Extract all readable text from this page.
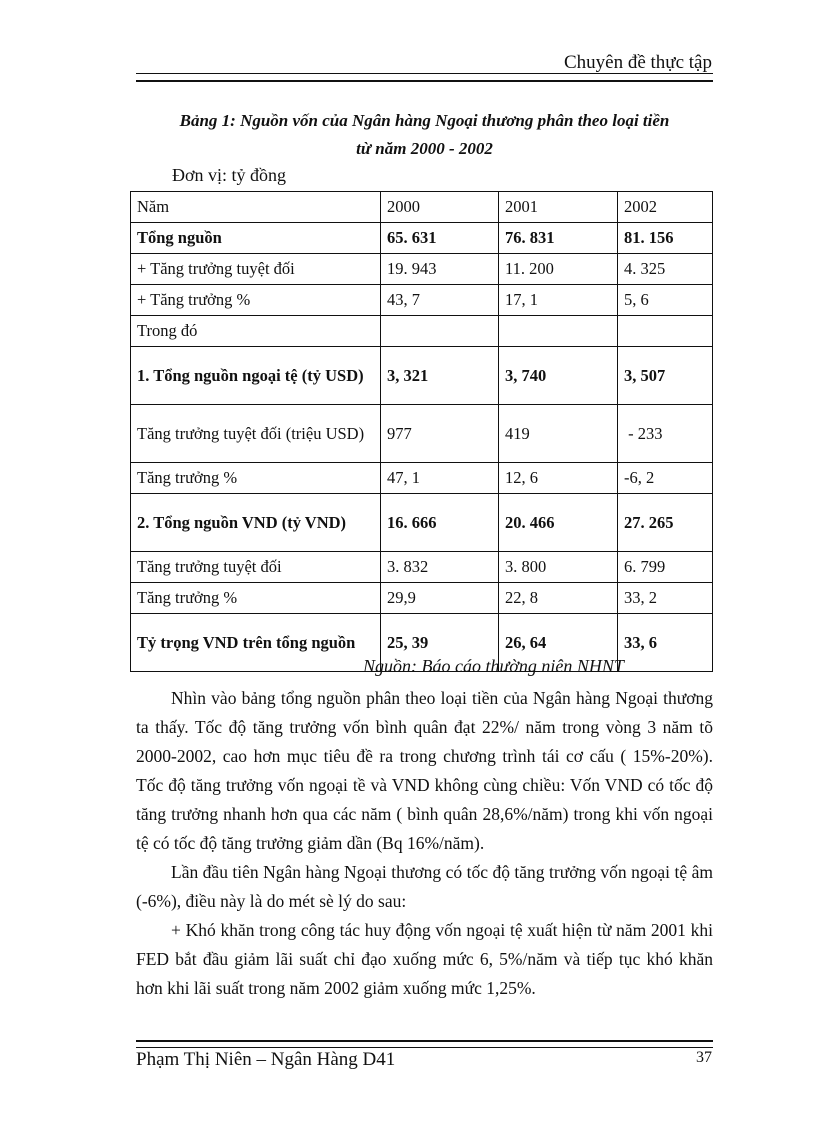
Chuyên đề thực tập
Bảng 1: Nguồn vốn của Ngân hàng Ngoại thương phân theo loại tiền
từ năm 2000 - 2002
Đơn vị: tỷ đồng
Năm	2000	2001	2002
Tổng nguồn	65. 631	76. 831	81. 156
+ Tăng trưởng tuyệt đối	19. 943	11. 200	4. 325
+ Tăng trưởng %	43, 7	17, 1	5, 6
Trong đó			
1. Tổng nguồn ngoại tệ (tỷ USD)	3, 321	3, 740	3, 507
Tăng trưởng tuyệt đối (triệu USD)	977	419	- 233
Tăng trưởng %	47, 1	12, 6	-6, 2
2. Tổng nguồn VND (tỷ VND)	16. 666	20. 466	27. 265
Tăng trưởng tuyệt đối	3. 832	3. 800	6. 799
Tăng trưởng %	29,9	22, 8	33, 2
Tỷ trọng VND trên tổng nguồn	25, 39	26, 64	33, 6
Nguồn: Báo cáo thường niên NHNT

Nhìn vào bảng tổng nguồn phân theo loại tiền của Ngân hàng Ngoại thương ta thấy. Tốc độ tăng trưởng vốn bình quân đạt 22%/ năm trong vòng 3 năm tõ 2000-2002, cao hơn mục tiêu đề ra trong chương trình tái cơ cấu ( 15%-20%). Tốc độ tăng trưởng vốn ngoại tề và VND không cùng chiều: Vốn VND có tốc độ tăng trưởng nhanh hơn qua các năm ( bình quân 28,6%/năm) trong khi vốn ngoại tệ có tốc độ tăng trưởng giảm dần (Bq 16%/năm).

Lần đầu tiên Ngân hàng Ngoại thương có tốc độ tăng trưởng vốn ngoại tệ âm (-6%), điều này là do mét sè lý do sau:

+ Khó khăn trong công tác huy động vốn ngoại tệ xuất hiện từ năm 2001 khi FED bắt đầu giảm lãi suất chỉ đạo xuống mức 6, 5%/năm và tiếp tục khó khăn hơn khi lãi suất trong năm 2002 giảm xuống mức 1,25%.

Phạm Thị Niên – Ngân Hàng D41	37
